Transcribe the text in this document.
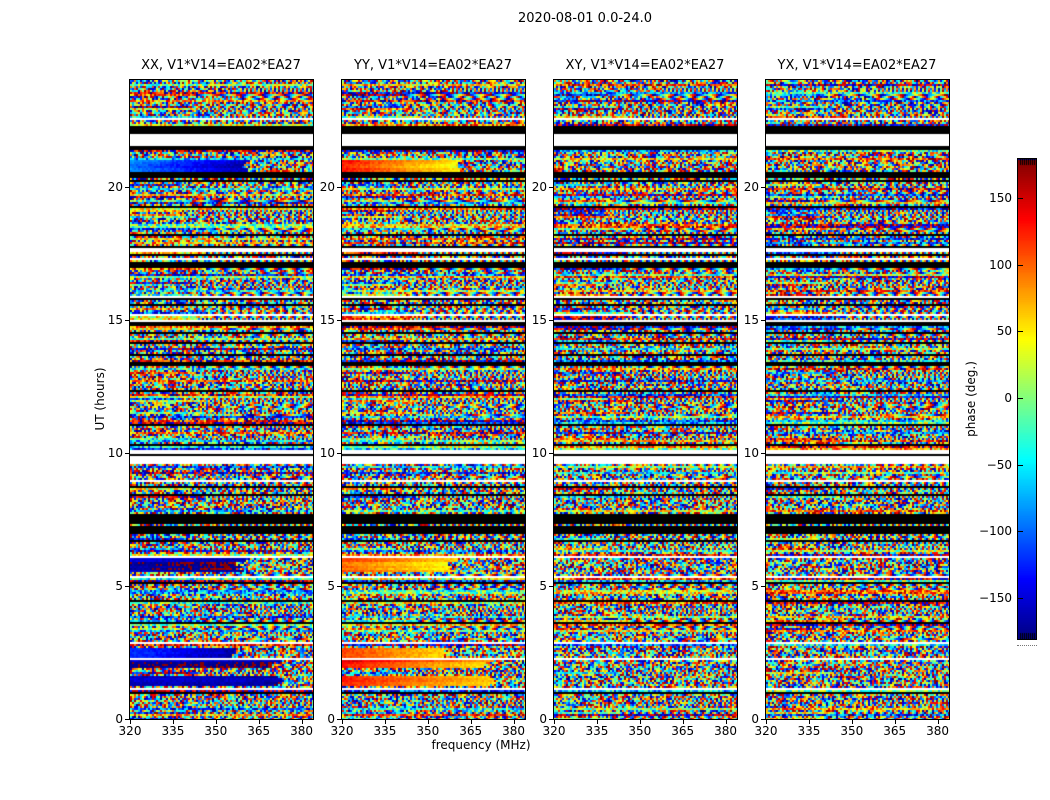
2020-08-01 0.0-24.0
XX, V1*V14=EA02*EA27	YY, V1*V14=EA02*EA27	XY, V1*V14=EA02*EA27	YX, V1*V14=EA02*EA27
frequency (MHz)
UT (hours)	phase (deg.)
320	335	350	365	380
0
5
10
15
20
320	335	350	365	380
0
5
10
15
20
320	335	350	365	380
0
5
10
15
20
320	335	350	365	380
0
5
10
15
20
150
100
50
0
−50
−100
−150
